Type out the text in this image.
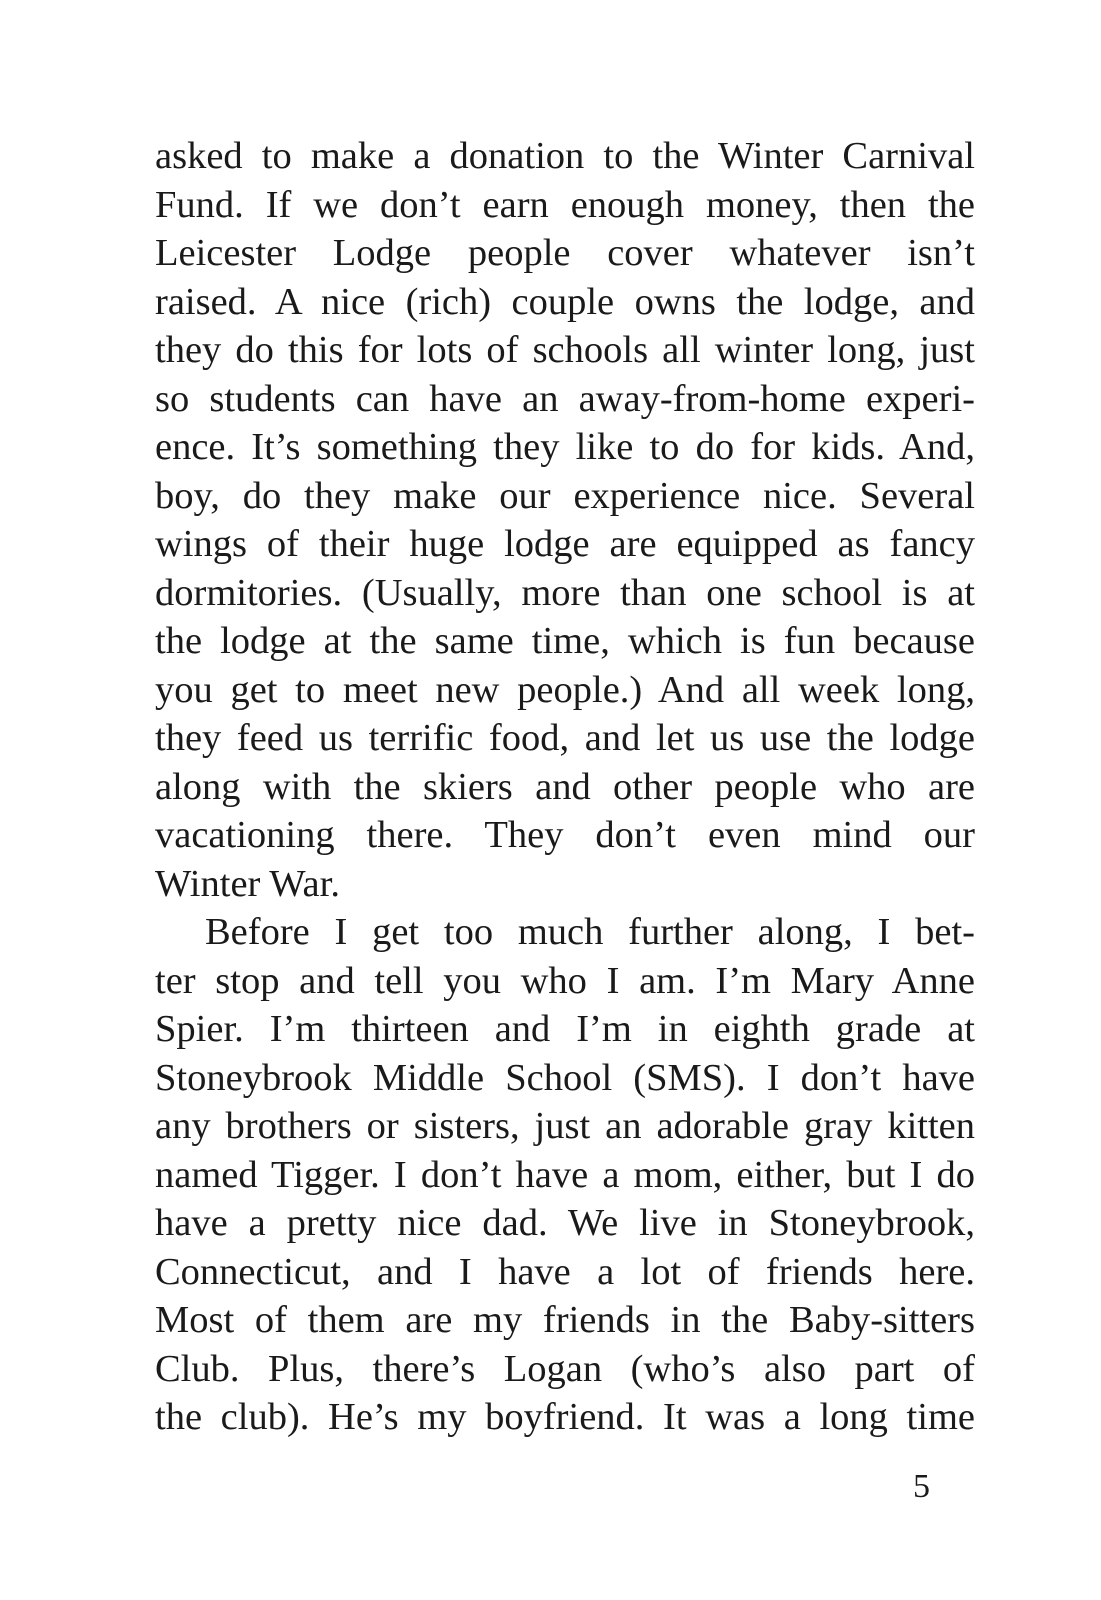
asked to make a donation to the Winter Carnival
Fund. If we don’t earn enough money, then the
Leicester Lodge people cover whatever isn’t
raised. A nice (rich) couple owns the lodge, and
they do this for lots of schools all winter long, just
so students can have an away-from-home experi-
ence. It’s something they like to do for kids. And,
boy, do they make our experience nice. Several
wings of their huge lodge are equipped as fancy
dormitories. (Usually, more than one school is at
the lodge at the same time, which is fun because
you get to meet new people.) And all week long,
they feed us terrific food, and let us use the lodge
along with the skiers and other people who are
vacationing there. They don’t even mind our
Winter War.
Before I get too much further along, I bet-
ter stop and tell you who I am. I’m Mary Anne
Spier. I’m thirteen and I’m in eighth grade at
Stoneybrook Middle School (SMS). I don’t have
any brothers or sisters, just an adorable gray kitten
named Tigger. I don’t have a mom, either, but I do
have a pretty nice dad. We live in Stoneybrook,
Connecticut, and I have a lot of friends here.
Most of them are my friends in the Baby-sitters
Club. Plus, there’s Logan (who’s also part of
the club). He’s my boyfriend. It was a long time
5
